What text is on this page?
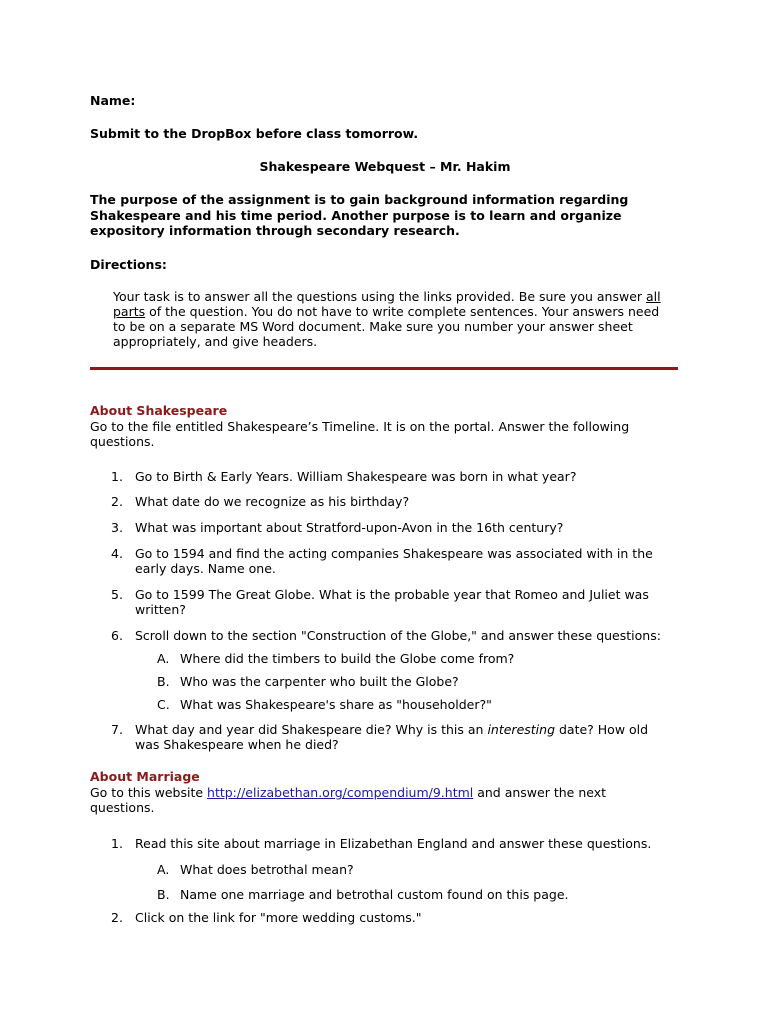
Name:

Submit to the DropBox before class tomorrow.

Shakespeare Webquest – Mr. Hakim

The purpose of the assignment is to gain background information regarding Shakespeare and his time period. Another purpose is to learn and organize expository information through secondary research.

Directions:

Your task is to answer all the questions using the links provided. Be sure you answer all parts of the question. You do not have to write complete sentences. Your answers need to be on a separate MS Word document. Make sure you number your answer sheet appropriately, and give headers.

About Shakespeare

Go to the file entitled Shakespeare’s Timeline. It is on the portal. Answer the following questions.

1. Go to Birth & Early Years. William Shakespeare was born in what year?
2. What date do we recognize as his birthday?
3. What was important about Stratford-upon-Avon in the 16th century?
4. Go to 1594 and find the acting companies Shakespeare was associated with in the early days. Name one.
5. Go to 1599 The Great Globe. What is the probable year that Romeo and Juliet was written?
6. Scroll down to the section "Construction of the Globe," and answer these questions:
A. Where did the timbers to build the Globe come from?
B. Who was the carpenter who built the Globe?
C. What was Shakespeare's share as "householder?"
7. What day and year did Shakespeare die? Why is this an interesting date? How old was Shakespeare when he died?

About Marriage

Go to this website http://elizabethan.org/compendium/9.html and answer the next questions.

1. Read this site about marriage in Elizabethan England and answer these questions.
A. What does betrothal mean?
B. Name one marriage and betrothal custom found on this page.
2. Click on the link for "more wedding customs."
